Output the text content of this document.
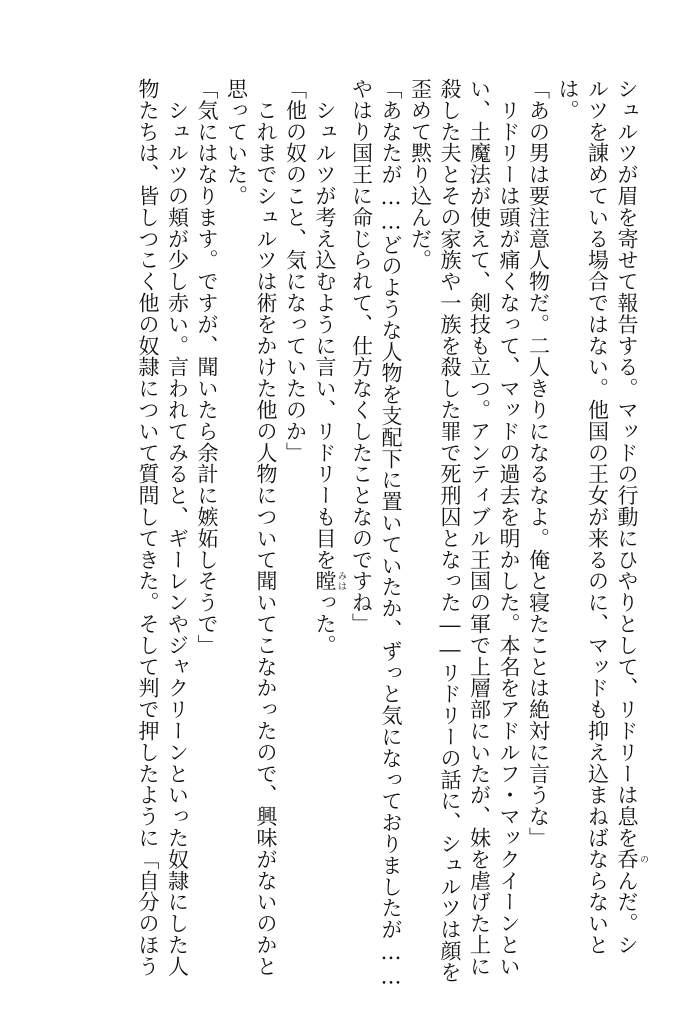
シュルツが眉を寄せて報告する。マッドの行動にひやりとして、リドリーは息を呑 のんだ。シ
ルツを諌めている場合ではない。他国の王女が来るのに、マッドも抑え込まねばならないと
は。
「あの男は要注意人物だ。二人きりになるなよ。俺と寝たことは絶対に言うな」
　リドリーは頭が痛くなって、マッドの過去を明かした。本名をアドルフ・マックイーンとい
い、土魔法が使えて、剣技も立つ。アンティブル王国の軍で上層部にいたが、妹を虐げた上に
殺した夫とその家族や一族を殺した罪で死刑囚となった――リドリーの話に、シュルツは顔を
歪めて黙り込んだ。
「あなたが……どのような人物を支配下に置いていたか、ずっと気になっておりましたが……
やはり国王に命じられて、仕方なくしたことなのですね」
　シュルツが考え込むように言い、リドリーも目を瞠 みはった。
「他の奴のこと、気になっていたのか」
　これまでシュルツは術をかけた他の人物について聞いてこなかったので、興味がないのかと
思っていた。
「気にはなります。ですが、聞いたら余計に嫉妬しそうで」
　シュルツの頬が少し赤い。言われてみると、ギーレンやジャクリーンといった奴隷にした人
物たちは、皆しつこく他の奴隷について質問してきた。そして判で押したように「自分のほう
